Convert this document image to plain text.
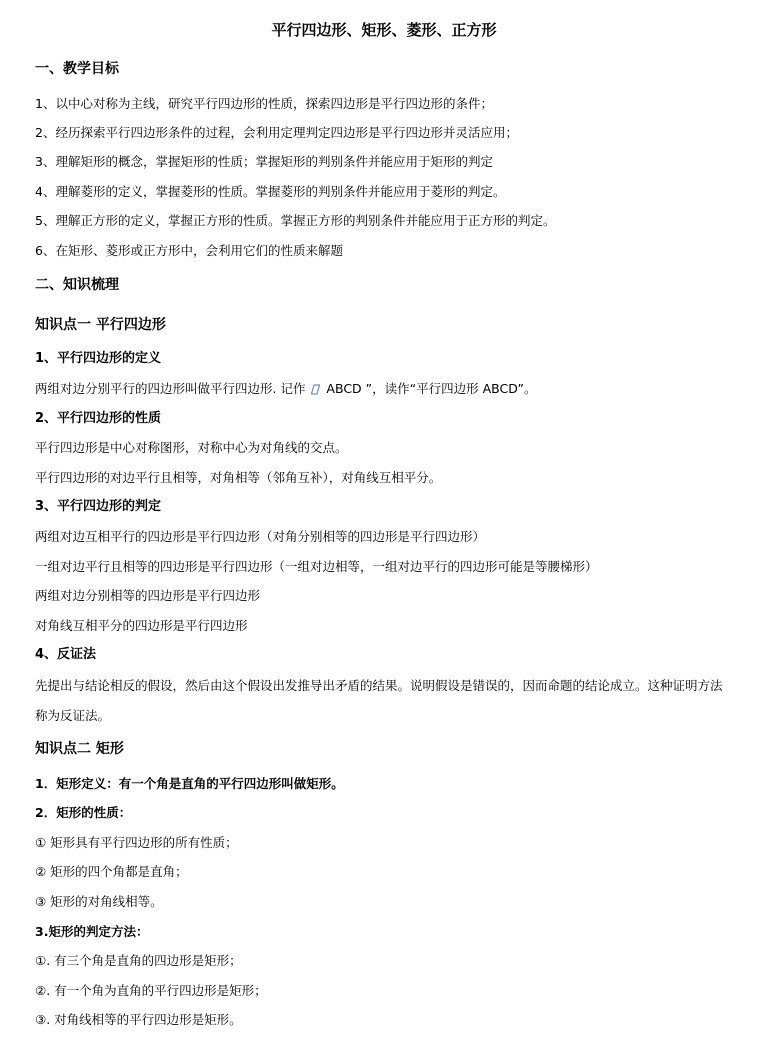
平行四边形、矩形、菱形、正方形
一、教学目标
1、以中心对称为主线，研究平行四边形的性质，探索四边形是平行四边形的条件；
2、经历探索平行四边形条件的过程，会利用定理判定四边形是平行四边形并灵活应用；
3、理解矩形的概念，掌握矩形的性质；掌握矩形的判别条件并能应用于矩形的判定
4、理解菱形的定义，掌握菱形的性质。掌握菱形的判别条件并能应用于菱形的判定。
5、理解正方形的定义，掌握正方形的性质。掌握正方形的判别条件并能应用于正方形的判定。
6、在矩形、菱形或正方形中，会利用它们的性质来解题
二、知识梳理
知识点一 平行四边形
1、平行四边形的定义
两组对边分别平行的四边形叫做平行四边形. 记作 ABCD ”，读作“平行四边形 ABCD”。
2、平行四边形的性质
平行四边形是中心对称图形，对称中心为对角线的交点。
平行四边形的对边平行且相等，对角相等（邻角互补），对角线互相平分。
3、平行四边形的判定
两组对边互相平行的四边形是平行四边形（对角分别相等的四边形是平行四边形）
一组对边平行且相等的四边形是平行四边形（一组对边相等，一组对边平行的四边形可能是等腰梯形）
两组对边分别相等的四边形是平行四边形
对角线互相平分的四边形是平行四边形
4、反证法
先提出与结论相反的假设，然后由这个假设出发推导出矛盾的结果。说明假设是错误的，因而命题的结论成立。这种证明方法称为反证法。
知识点二 矩形
1．矩形定义：有一个角是直角的平行四边形叫做矩形。
2．矩形的性质：
① 矩形具有平行四边形的所有性质；
② 矩形的四个角都是直角；
③ 矩形的对角线相等。
3.矩形的判定方法：
①. 有三个角是直角的四边形是矩形；
②. 有一个角为直角的平行四边形是矩形；
③. 对角线相等的平行四边形是矩形。
